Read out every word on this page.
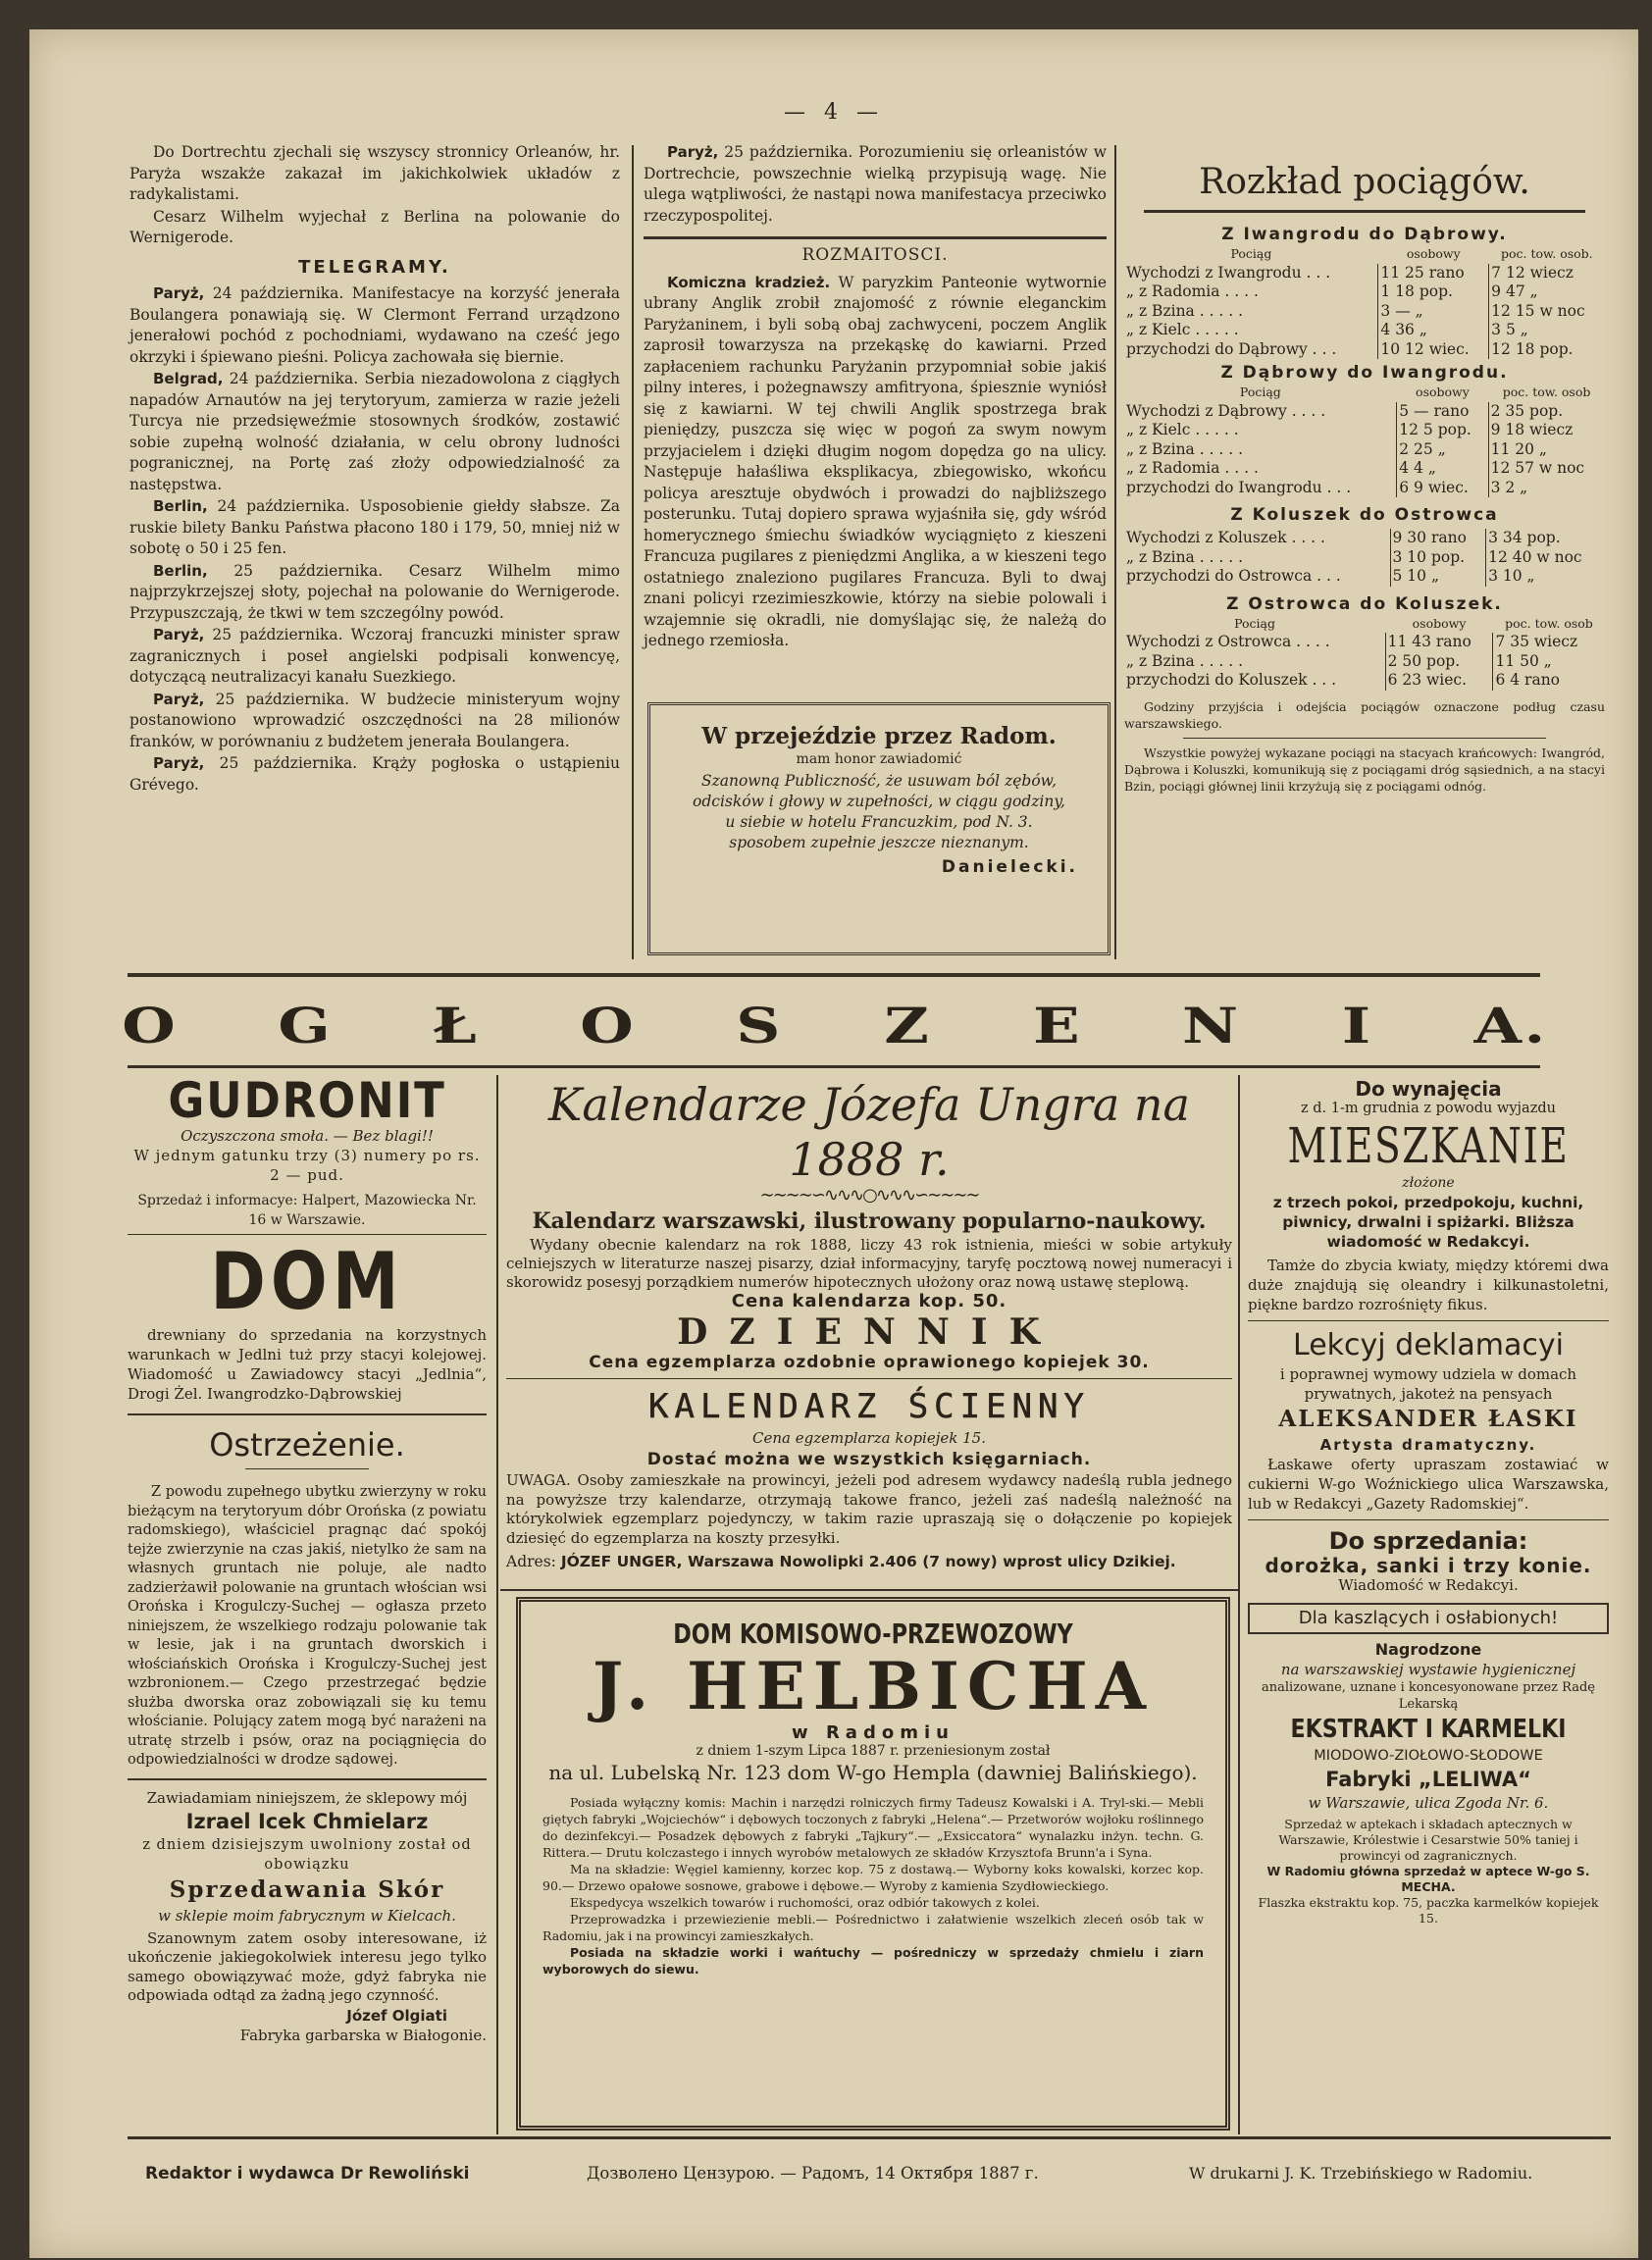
— 4 —

Do Dortrechtu zjechali się wszyscy stronnicy Orleanów, hr. Paryża wszakże zakazał im jakichkolwiek układów z radykalistami.

Cesarz Wilhelm wyjechał z Berlina na polowanie do Wernigerode.

TELEGRAMY.

Paryż, 24 października. Manifestacye na korzyść jenerała Boulangera ponawiają się. W Clermont Ferrand urządzono jenerałowi pochód z pochodniami, wydawano na cześć jego okrzyki i śpiewano pieśni. Policya zachowała się biernie.

Belgrad, 24 października. Serbia niezadowolona z ciągłych napadów Arnautów na jej terytoryum, zamierza w razie jeżeli Turcya nie przedsięweźmie stosownych środków, zostawić sobie zupełną wolność działania, w celu obrony ludności pogranicznej, na Portę zaś złoży odpowiedzialność za następstwa.

Berlin, 24 października. Usposobienie giełdy słabsze. Za ruskie bilety Banku Państwa płacono 180 i 179, 50, mniej niż w sobotę o 50 i 25 fen.

Berlin, 25 października. Cesarz Wilhelm mimo najprzykrzejszej słoty, pojechał na polowanie do Wernigerode. Przypuszczają, że tkwi w tem szczególny powód.

Paryż, 25 października. Wczoraj francuzki minister spraw zagranicznych i poseł angielski podpisali konwencyę, dotyczącą neutralizacyi kanału Suezkiego.

Paryż, 25 października. W budżecie ministeryum wojny postanowiono wprowadzić oszczędności na 28 milionów franków, w porównaniu z budżetem jenerała Boulangera.

Paryż, 25 października. Krąży pogłoska o ustąpieniu Grévego.

Paryż, 25 października. Porozumieniu się orleanistów w Dortrechcie, powszechnie wielką przypisują wagę. Nie ulega wątpliwości, że nastąpi nowa manifestacya przeciwko rzeczypospolitej.

ROZMAITOSCI.

Komiczna kradzież. W paryzkim Panteonie wytwornie ubrany Anglik zrobił znajomość z równie eleganckim Paryżaninem, i byli sobą obaj zachwyceni, poczem Anglik zaprosił towarzysza na przekąskę do kawiarni. Przed zapłaceniem rachunku Paryżanin przypomniał sobie jakiś pilny interes, i pożegnawszy amfitryona, śpiesznie wyniósł się z kawiarni. W tej chwili Anglik spostrzega brak pieniędzy, puszcza się więc w pogoń za swym nowym przyjacielem i dzięki długim nogom dopędza go na ulicy. Następuje hałaśliwa eksplikacya, zbiegowisko, wkońcu policya aresztuje obydwóch i prowadzi do najbliższego posterunku. Tutaj dopiero sprawa wyjaśniła się, gdy wśród homerycznego śmiechu świadków wyciągnięto z kieszeni Francuza pugilares z pieniędzmi Anglika, a w kieszeni tego ostatniego znaleziono pugilares Francuza. Byli to dwaj znani policyi rzezimieszkowie, którzy na siebie polowali i wzajemnie się okradli, nie domyślając się, że należą do jednego rzemiosła.

W przejeździe przez Radom.
mam honor zawiadomić
Szanowną Publiczność, że usuwam ból zębów, odcisków i głowy w zupełności, w ciągu godziny, u siebie w hotelu Francuzkim, pod N. 3. sposobem zupełnie jeszcze nieznanym.
Danielecki.
Rozkład pociągów.
Z Iwangrodu do Dąbrowy.
Pociąg	osobowy	poc. tow. osob.
Wychodzi z Iwangrodu . . .	11 25 rano	7 12 wiecz
„ z Radomia . . . .	1 18 pop.	9 47 „
„ z Bzina . . . . .	3 — „	12 15 w noc
„ z Kielc . . . . .	4 36 „	3 5 „
przychodzi do Dąbrowy . . .	10 12 wiec.	12 18 pop.
Z Dąbrowy do Iwangrodu.
Pociąg	osobowy	poc. tow. osob
Wychodzi z Dąbrowy . . . .	5 — rano	2 35 pop.
„ z Kielc . . . . .	12 5 pop.	9 18 wiecz
„ z Bzina . . . . .	2 25 „	11 20 „
„ z Radomia . . . .	4 4 „	12 57 w noc
przychodzi do Iwangrodu . . .	6 9 wiec.	3 2 „
Z Koluszek do Ostrowca
Wychodzi z Koluszek . . . .	9 30 rano	3 34 pop.
„ z Bzina . . . . .	3 10 pop.	12 40 w noc
przychodzi do Ostrowca . . .	5 10 „	3 10 „
Z Ostrowca do Koluszek.
Pociąg	osobowy	poc. tow. osob
Wychodzi z Ostrowca . . . .	11 43 rano	7 35 wiecz
„ z Bzina . . . . .	2 50 pop.	11 50 „
przychodzi do Koluszek . . .	6 23 wiec.	6 4 rano
Godziny przyjścia i odejścia pociągów oznaczone podług czasu warszawskiego.
Wszystkie powyżej wykazane pociągi na stacyach krańcowych: Iwangród, Dąbrowa i Koluszki, komunikują się z pociągami dróg sąsiednich, a na stacyi Bzin, pociągi głównej linii krzyżują się z pociągami odnóg.
O G Ł O S Z E N I A.
GUDRONIT
Oczyszczona smoła. — Bez blagi!!
W jednym gatunku trzy (3) numery po rs. 2 — pud.
Sprzedaż i informacye: Halpert, Mazowiecka Nr. 16 w Warszawie.
DOM
drewniany do sprzedania na korzystnych warunkach w Jedlni tuż przy stacyi kolejowej. Wiadomość u Zawiadowcy stacyi „Jedlnia“, Drogi Żel. Iwangrodzko-Dąbrowskiej
Ostrzeżenie.
Z powodu zupełnego ubytku zwierzyny w roku bieżącym na terytoryum dóbr Orońska (z powiatu radomskiego), właściciel pragnąc dać spokój tejże zwierzynie na czas jakiś, nietylko że sam na własnych gruntach nie poluje, ale nadto zadzierżawił polowanie na gruntach włościan wsi Orońska i Krogulczy-Suchej — ogłasza przeto niniejszem, że wszelkiego rodzaju polowanie tak w lesie, jak i na gruntach dworskich i włościańskich Orońska i Krogulczy-Suchej jest wzbronionem.— Czego przestrzegać będzie służba dworska oraz zobowiązali się ku temu włościanie. Polujący zatem mogą być narażeni na utratę strzelb i psów, oraz na pociągnięcia do odpowiedzialności w drodze sądowej.
Zawiadamiam niniejszem, że sklepowy mój
Izrael Icek Chmielarz
z dniem dzisiejszym uwolniony został od obowiązku
Sprzedawania Skór
w sklepie moim fabrycznym w Kielcach.
Szanownym zatem osoby interesowane, iż ukończenie jakiegokolwiek interesu jego tylko samego obowiązywać może, gdyż fabryka nie odpowiada odtąd za żadną jego czynność.
Józef Olgiati
Fabryka garbarska w Białogonie.
Kalendarze Józefa Ungra na 1888 r.
∼∼∼∼∽∿∿∿○∿∿∿∽∼∼∼∼
Kalendarz warszawski, ilustrowany popularno-naukowy.
Wydany obecnie kalendarz na rok 1888, liczy 43 rok istnienia, mieści w sobie artykuły celniejszych w literaturze naszej pisarzy, dział informacyjny, taryfę pocztową nowej numeracyi i skorowidz posesyj porządkiem numerów hipotecznych ułożony oraz nową ustawę steplową.
Cena kalendarza kop. 50.
DZIENNIK
Cena egzemplarza ozdobnie oprawionego kopiejek 30.
KALENDARZ ŚCIENNY
Cena egzemplarza kopiejek 15.
Dostać można we wszystkich księgarniach.
UWAGA. Osoby zamieszkałe na prowincyi, jeżeli pod adresem wydawcy nadeślą rubla jednego na powyższe trzy kalendarze, otrzymają takowe franco, jeżeli zaś nadeślą należność na którykolwiek egzemplarz pojedynczy, w takim razie upraszają się o dołączenie po kopiejek dziesięć do egzemplarza na koszty przesyłki.
Adres: JÓZEF UNGER, Warszawa Nowolipki 2.406 (7 nowy) wprost ulicy Dzikiej.
DOM KOMISOWO-PRZEWOZOWY
J. HELBICHA
w Radomiu
z dniem 1-szym Lipca 1887 r. przeniesionym został
na ul. Lubelską Nr. 123 dom W-go Hempla (dawniej Balińskiego).
Posiada wyłączny komis: Machin i narzędzi rolniczych firmy Tadeusz Kowalski i A. Tryl-ski.— Mebli giętych fabryki „Wojciechów“ i dębowych toczonych z fabryki „Helena“.— Przetworów wojłoku roślinnego do dezinfekcyi.— Posadzek dębowych z fabryki „Tajkury“.— „Exsiccatora“ wynalazku inżyn. techn. G. Rittera.— Drutu kolczastego i innych wyrobów metalowych ze składów Krzysztofa Brunn'a i Syna.
Ma na składzie: Węgiel kamienny, korzec kop. 75 z dostawą.— Wyborny koks kowalski, korzec kop. 90.— Drzewo opałowe sosnowe, grabowe i dębowe.— Wyroby z kamienia Szydłowieckiego.
Ekspedycya wszelkich towarów i ruchomości, oraz odbiór takowych z kolei.
Przeprowadzka i przewiezienie mebli.— Pośrednictwo i załatwienie wszelkich zleceń osób tak w Radomiu, jak i na prowincyi zamieszkałych.
Posiada na składzie worki i wańtuchy — pośredniczy w sprzedaży chmielu i ziarn wyborowych do siewu.
Do wynajęcia
z d. 1-m grudnia z powodu wyjazdu
MIESZKANIE
złożone
z trzech pokoi, przedpokoju, kuchni, piwnicy, drwalni i spiżarki. Bliższa wiadomość w Redakcyi.
Tamże do zbycia kwiaty, między któremi dwa duże znajdują się oleandry i kilkunastoletni, piękne bardzo rozrośnięty fikus.
Lekcyj deklamacyi
i poprawnej wymowy udziela w domach prywatnych, jakoteż na pensyach
ALEKSANDER ŁASKI
Artysta dramatyczny.
Łaskawe oferty upraszam zostawiać w cukierni W-go Woźnickiego ulica Warszawska, lub w Redakcyi „Gazety Radomskiej“.
Do sprzedania:
dorożka, sanki i trzy konie.
Wiadomość w Redakcyi.
Dla kaszlących i osłabionych!
Nagrodzone
na warszawskiej wystawie hygienicznej
analizowane, uznane i koncesyonowane przez Radę Lekarską
EKSTRAKT I KARMELKI
MIODOWO-ZIOŁOWO-SŁODOWE
Fabryki „LELIWA“
w Warszawie, ulica Zgoda Nr. 6.
Sprzedaż w aptekach i składach aptecznych w Warszawie, Królestwie i Cesarstwie 50% taniej i prowincyi od zagranicznych.
W Radomiu główna sprzedaż w aptece W-go S. MECHA.
Flaszka ekstraktu kop. 75, paczka karmelków kopiejek 15.
Redaktor i wydawca Dr Rewoliński	Дозволено Цензурою. — Радомъ, 14 Октября 1887 г.	W drukarni J. K. Trzebińskiego w Radomiu.
